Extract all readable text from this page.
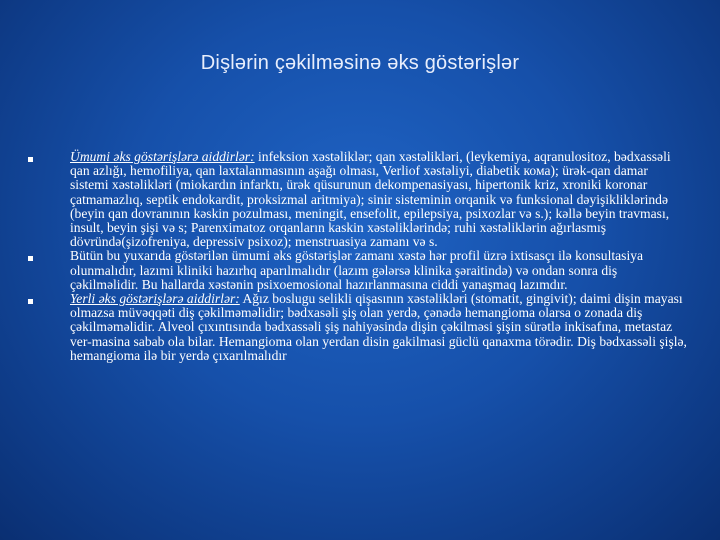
Dişlərin çəkilməsinə əks göstərişlər
Ümumi əks göstərişlərə aiddirlər: infeksion xəstəliklər; qan xəstəlikləri, (leykemiya, aqranulositoz, bədxassəli qan azlığı, hemofiliya, qan laxtalanmasının aşağı olması, Verliof xəstəliyi, diabetik кома); ürək-qan damar sistemi xəstəlikləri (miokardın infarktı, ürək qüsurunun dekompenasiyası, hipertonik kriz, xroniki koronar çatmamazlıq, septik endokardit, proksizmal aritmiya); sinir sisteminin orqanik və funksional dəyişikliklərində (beyin qan dovranının kəskin pozulması, meningit, ensefolit, epilepsiya, psixozlar və s.); kəllə beyin travması, insult, beyin şişi və s; Parenximatoz orqanların kaskin xəstəliklərində; ruhi xəstəliklərin ağırlasmış dövründə(şizofreniya, depressiv psixoz); menstruasiya zamanı və s.
Bütün bu yuxarıda göstərilən ümumi əks göstərişlər zamanı xəstə hər profil üzrə ixtisasçı ilə konsultasiya olunmalıdır, lazımi kliniki hazırhq aparılmalıdır (lazım gələrsə klinika şəraitində) və ondan sonra diş çəkilməlidir. Bu hallarda xəstənin psixoemosional hazırlanmasına ciddi yanaşmaq lazımdır.
Yerli əks göstərişlərə aiddirlər: Ağız boslugu selikli qişasının xəstəlikləri (stomatit, gingivit); daimi dişin mayası olmazsa müvəqqəti diş çəkilməməlidir; bədxasəli şiş olan yerdə, çənədə hemangioma olarsa o zonada diş çəkilməməlidir. Alveol çıxıntısında bədxassəli şiş nahiyəsində dişin çəkilməsi şişin sürətlə inkisafına, metastaz ver-masina sabab ola bilar. Hemangioma olan yerdan disin gakilmasi güclü qanaxma törədir. Diş bədxassəli şişlə, hemangioma ilə bir yerdə çıxarılmalıdır
